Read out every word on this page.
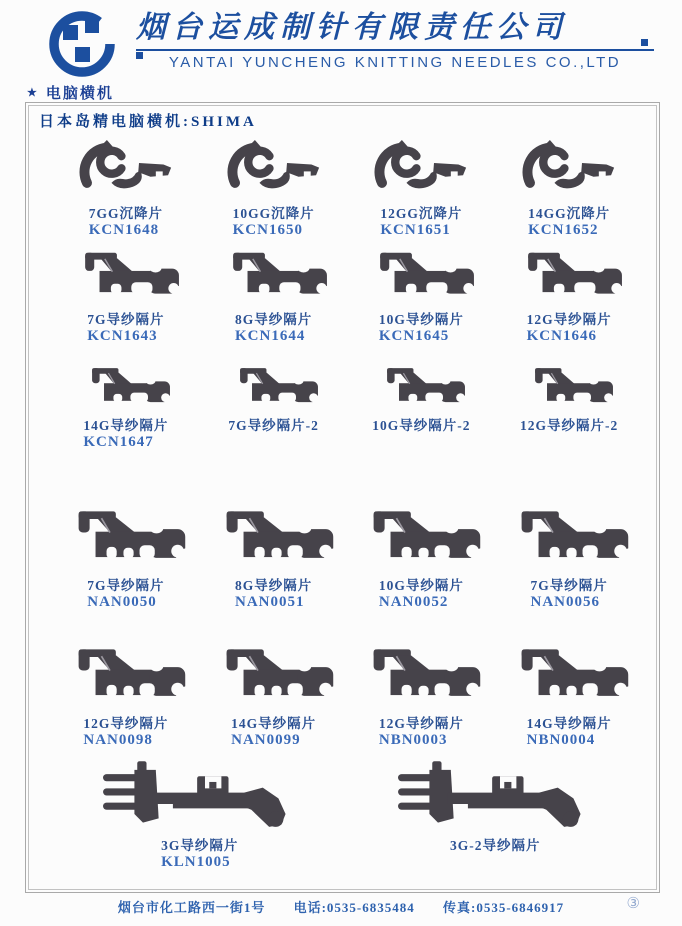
烟台运成制针有限责任公司
YANTAI YUNCHENG KNITTING NEEDLES CO.,LTD
★ 电脑横机
日本岛精电脑横机:SHIMA
7GG沉降片
KCN1648
10GG沉降片
KCN1650
12GG沉降片
KCN1651
14GG沉降片
KCN1652
7G导纱隔片
KCN1643
8G导纱隔片
KCN1644
10G导纱隔片
KCN1645
12G导纱隔片
KCN1646
14G导纱隔片
KCN1647
7G导纱隔片-2	10G导纱隔片-2	12G导纱隔片-2
7G导纱隔片
NAN0050
8G导纱隔片
NAN0051
10G导纱隔片
NAN0052
7G导纱隔片
NAN0056
12G导纱隔片
NAN0098
14G导纱隔片
NAN0099
12G导纱隔片
NBN0003
14G导纱隔片
NBN0004
3G导纱隔片
KLN1005
3G-2导纱隔片
烟台市化工路西一街1号 电话:0535-6835484 传真:0535-6846917	③
